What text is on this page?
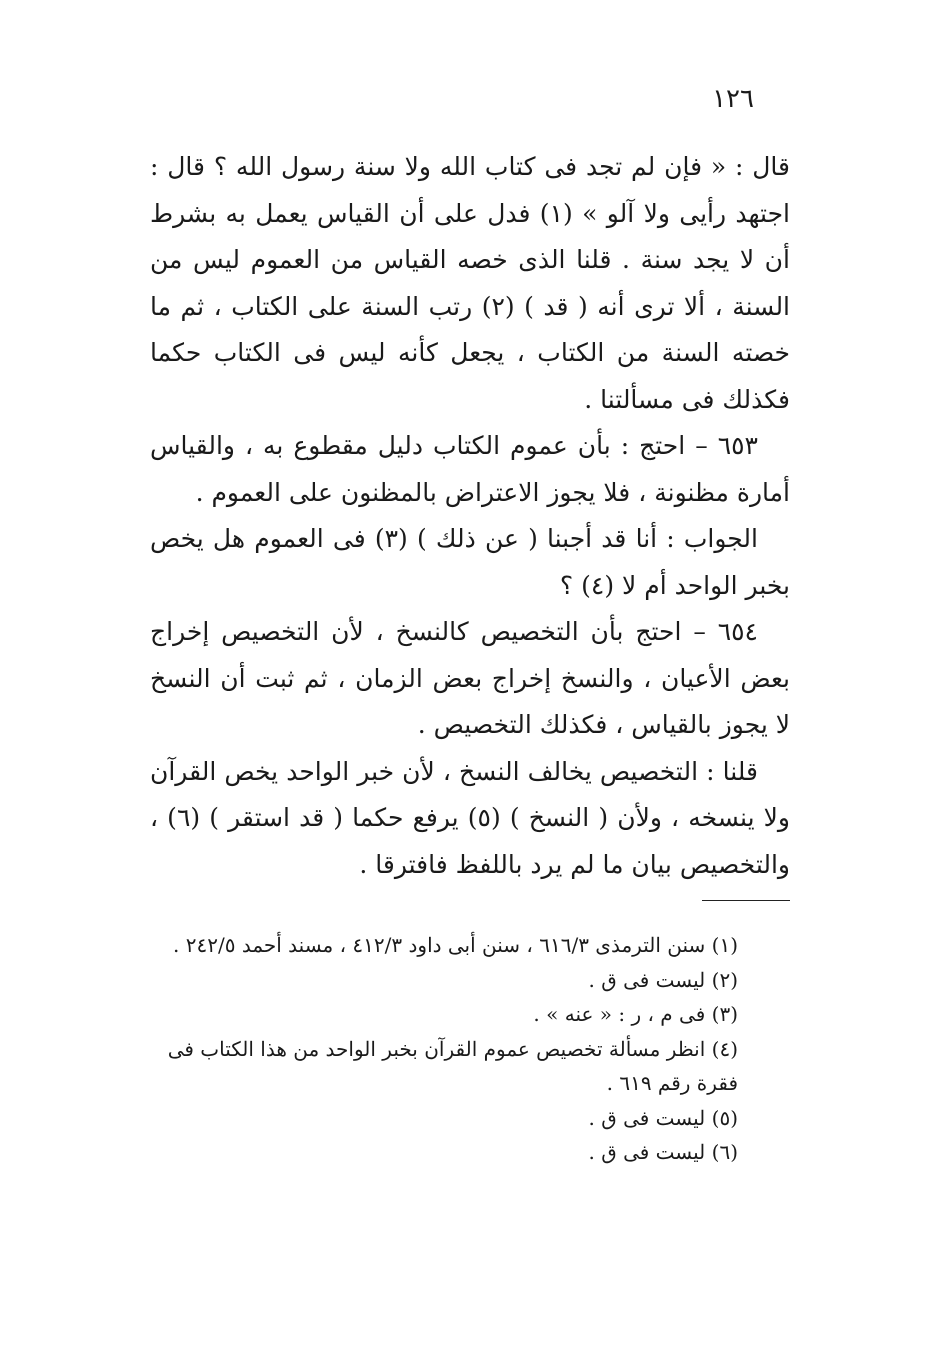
١٢٦

قال : « فإن لم تجد فى كتاب الله ولا سنة رسول الله ؟ قال : اجتهد رأيى ولا آلو » (١) فدل على أن القياس يعمل به بشرط أن لا يجد سنة . قلنا الذى خصه القياس من العموم ليس من السنة ، ألا ترى أنه ( قد ) (٢) رتب السنة على الكتاب ، ثم ما خصته السنة من الكتاب ، يجعل كأنه ليس فى الكتاب حكما فكذلك فى مسألتنا .

٦٥٣ – احتج : بأن عموم الكتاب دليل مقطوع به ، والقياس أمارة مظنونة ، فلا يجوز الاعتراض بالمظنون على العموم .

الجواب : أنا قد أجبنا ( عن ذلك ) (٣) فى العموم هل يخص بخبر الواحد أم لا (٤) ؟

٦٥٤ – احتج بأن التخصيص كالنسخ ، لأن التخصيص إخراج بعض الأعيان ، والنسخ إخراج بعض الزمان ، ثم ثبت أن النسخ لا يجوز بالقياس ، فكذلك التخصيص .

قلنا : التخصيص يخالف النسخ ، لأن خبر الواحد يخص القرآن ولا ينسخه ، ولأن ( النسخ ) (٥) يرفع حكما ( قد استقر ) (٦) ، والتخصيص بيان ما لم يرد باللفظ فافترقا .

(١) سنن الترمذى ٦١٦/٣ ، سنن أبى داود ٤١٢/٣ ، مسند أحمد ٢٤٢/٥ .

(٢) ليست فى ق .

(٣) فى م ، ر : « عنه » .

(٤) انظر مسألة تخصيص عموم القرآن بخبر الواحد من هذا الكتاب فى فقرة رقم ٦١٩ .

(٥) ليست فى ق .

(٦) ليست فى ق .
